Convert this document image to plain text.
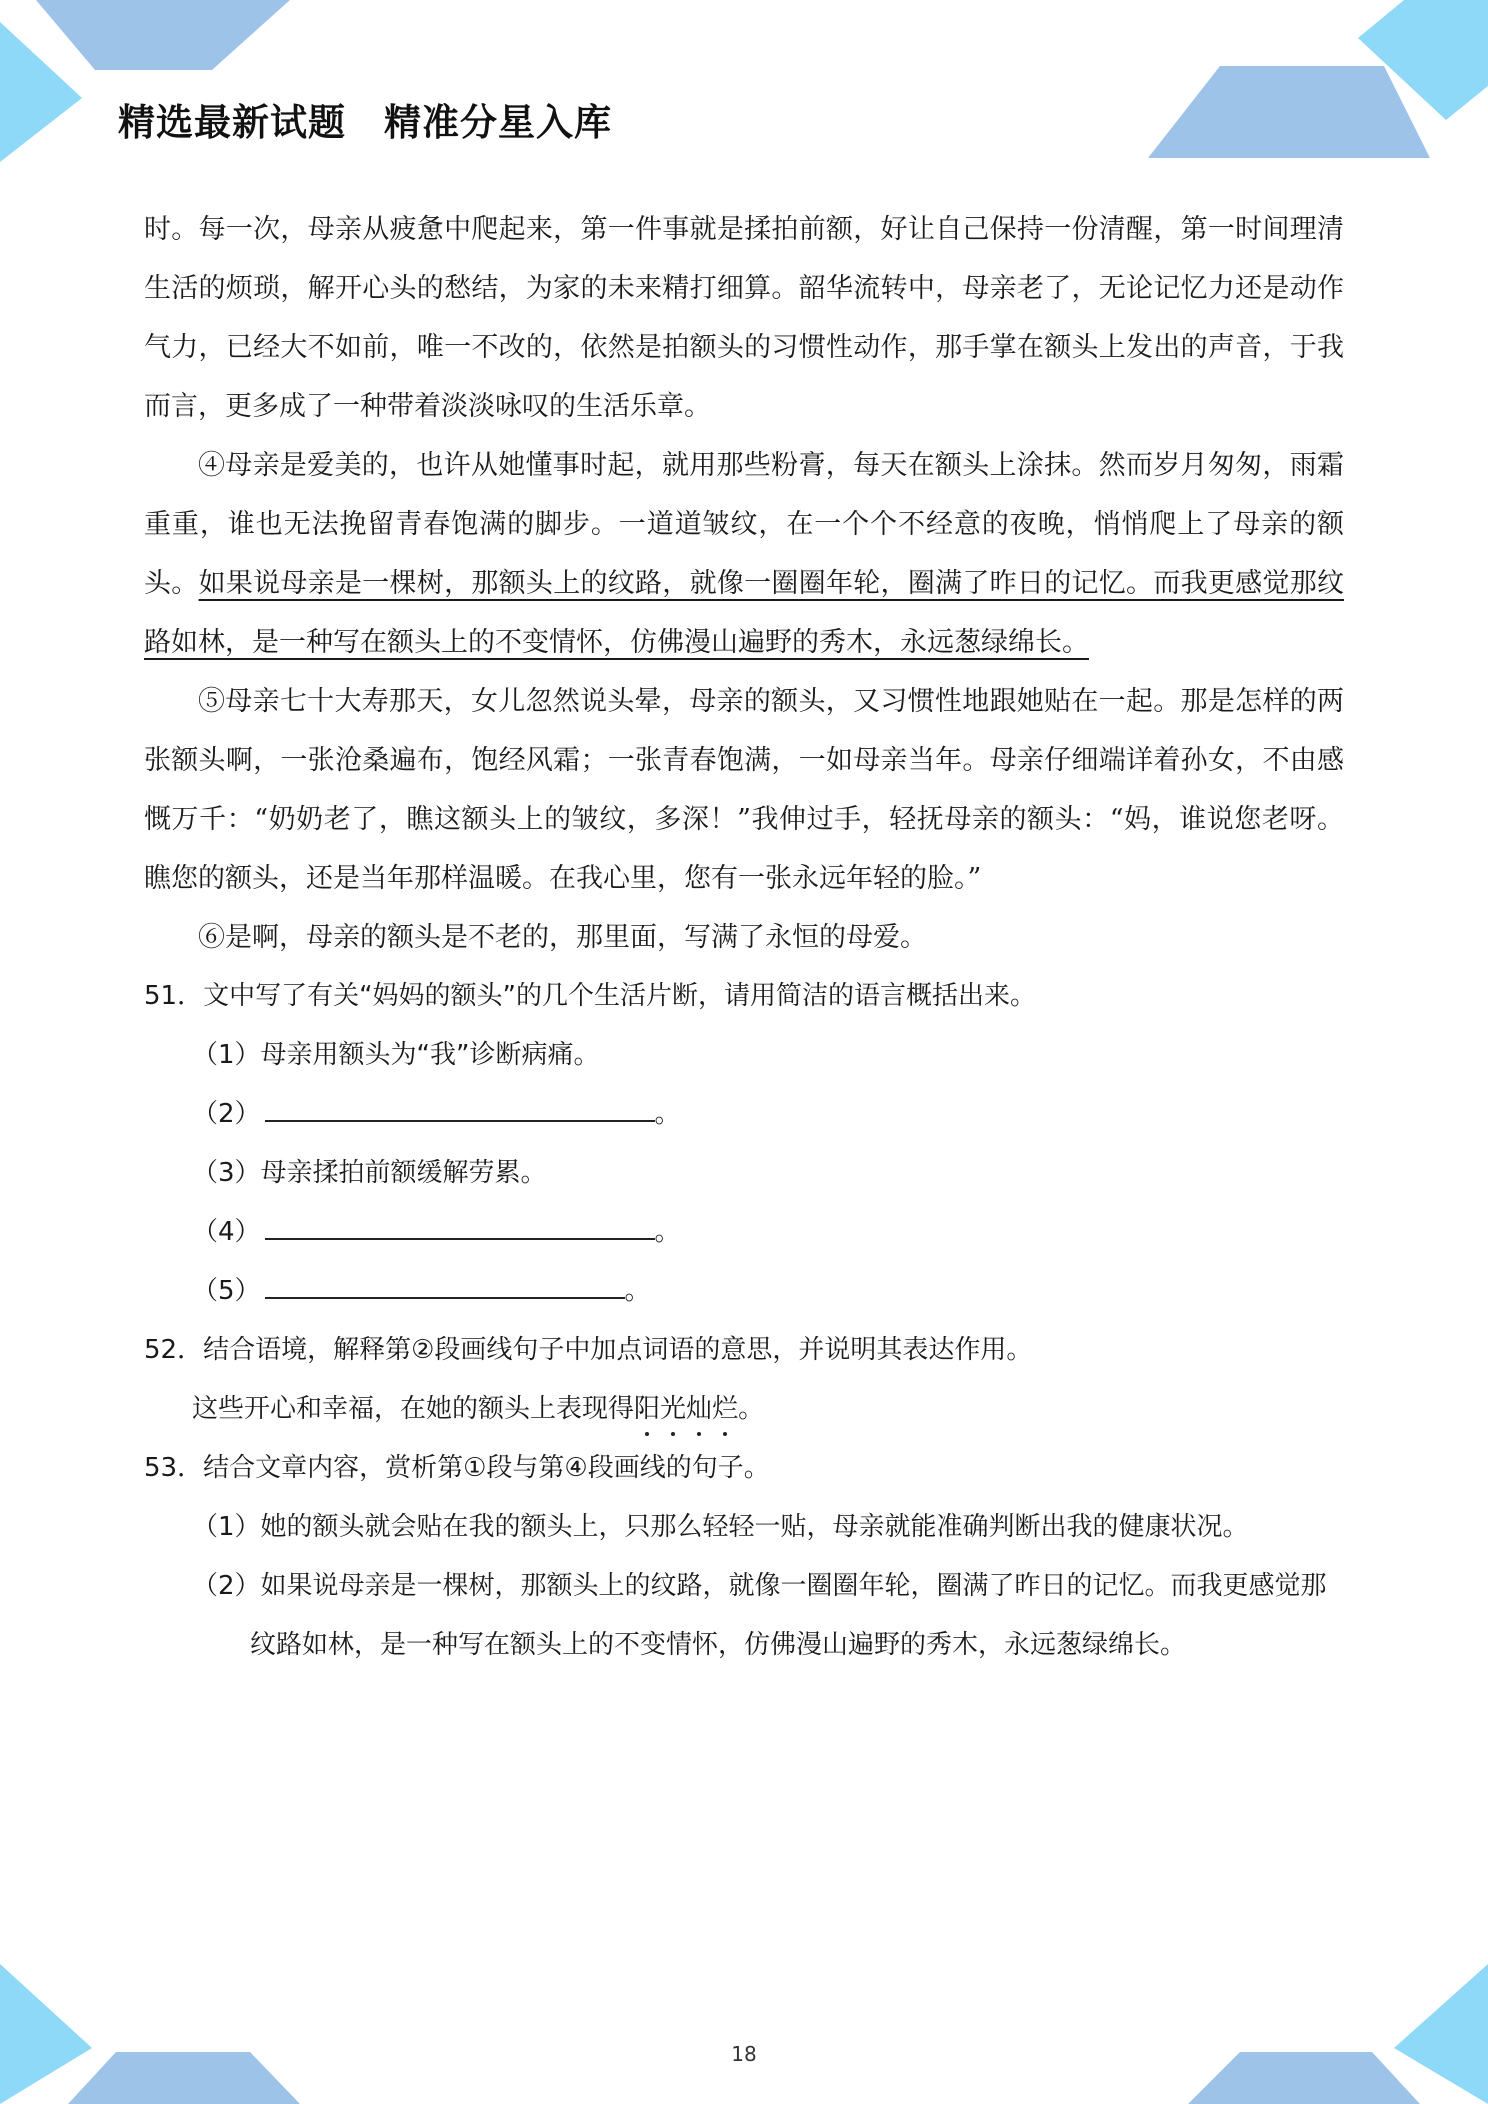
精选最新试题　精准分星入库

时。每一次，母亲从疲惫中爬起来，第一件事就是揉拍前额，好让自己保持一份清醒，第一时间理清生活的烦琐，解开心头的愁结，为家的未来精打细算。韶华流转中，母亲老了，无论记忆力还是动作气力，已经大不如前，唯一不改的，依然是拍额头的习惯性动作，那手掌在额头上发出的声音，于我而言，更多成了一种带着淡淡咏叹的生活乐章。

④母亲是爱美的，也许从她懂事时起，就用那些粉膏，每天在额头上涂抹。然而岁月匆匆，雨霜重重，谁也无法挽留青春饱满的脚步。一道道皱纹，在一个个不经意的夜晚，悄悄爬上了母亲的额头。如果说母亲是一棵树，那额头上的纹路，就像一圈圈年轮，圈满了昨日的记忆。而我更感觉那纹路如林，是一种写在额头上的不变情怀，仿佛漫山遍野的秀木，永远葱绿绵长。

⑤母亲七十大寿那天，女儿忽然说头晕，母亲的额头，又习惯性地跟她贴在一起。那是怎样的两张额头啊，一张沧桑遍布，饱经风霜；一张青春饱满，一如母亲当年。母亲仔细端详着孙女，不由感慨万千：“奶奶老了，瞧这额头上的皱纹，多深！”我伸过手，轻抚母亲的额头：“妈，谁说您老呀。瞧您的额头，还是当年那样温暖。在我心里，您有一张永远年轻的脸。”

⑥是啊，母亲的额头是不老的，那里面，写满了永恒的母爱。

51．文中写了有关“妈妈的额头”的几个生活片断，请用简洁的语言概括出来。

（1）母亲用额头为“我”诊断病痛。

（2）	。

（3）母亲揉拍前额缓解劳累。

（4）	。

（5）	。

52．结合语境，解释第②段画线句子中加点词语的意思，并说明其表达作用。

这些开心和幸福，在她的额头上表现得阳光灿烂。

53．结合文章内容，赏析第①段与第④段画线的句子。

（1）她的额头就会贴在我的额头上，只那么轻轻一贴，母亲就能准确判断出我的健康状况。

（2）如果说母亲是一棵树，那额头上的纹路，就像一圈圈年轮，圈满了昨日的记忆。而我更感觉那纹路如林，是一种写在额头上的不变情怀，仿佛漫山遍野的秀木，永远葱绿绵长。

18
